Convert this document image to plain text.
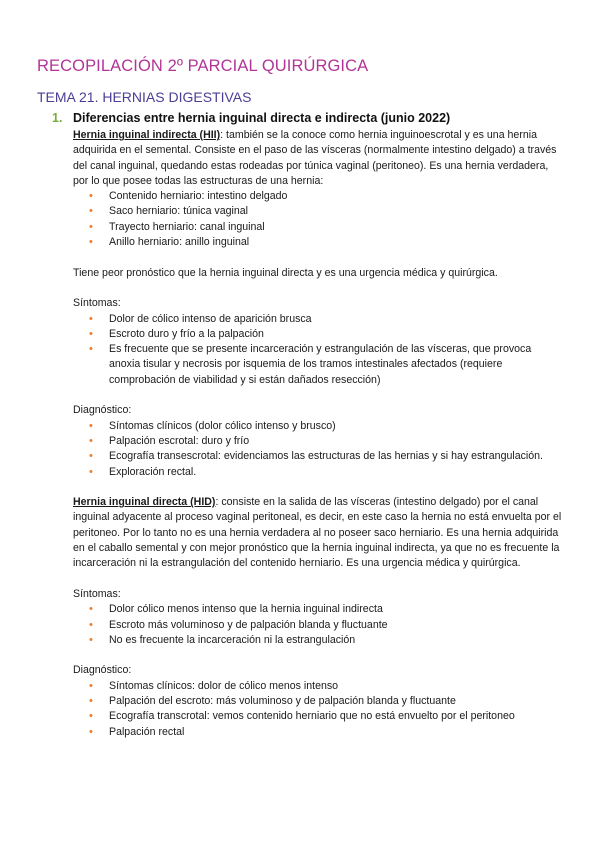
RECOPILACIÓN 2º PARCIAL QUIRÚRGICA
TEMA 21. HERNIAS DIGESTIVAS
1. Diferencias entre hernia inguinal directa e indirecta (junio 2022)

Hernia inguinal indirecta (HII): también se la conoce como hernia inguinoescrotal y es una hernia adquirida en el semental. Consiste en el paso de las vísceras (normalmente intestino delgado) a través del canal inguinal, quedando estas rodeadas por túnica vaginal (peritoneo). Es una hernia verdadera, por lo que posee todas las estructuras de una hernia:

• Contenido herniario: intestino delgado
• Saco herniario: túnica vaginal
• Trayecto herniario: canal inguinal
• Anillo herniario: anillo inguinal

Tiene peor pronóstico que la hernia inguinal directa y es una urgencia médica y quirúrgica.

Síntomas:

• Dolor de cólico intenso de aparición brusca
• Escroto duro y frío a la palpación
• Es frecuente que se presente incarceración y estrangulación de las vísceras, que provoca anoxia tisular y necrosis por isquemia de los tramos intestinales afectados (requiere comprobación de viabilidad y si están dañados resección)

Diagnóstico:

• Síntomas clínicos (dolor cólico intenso y brusco)
• Palpación escrotal: duro y frío
• Ecografía transescrotal: evidenciamos las estructuras de las hernias y si hay estrangulación.
• Exploración rectal.

Hernia inguinal directa (HID): consiste en la salida de las vísceras (intestino delgado) por el canal inguinal adyacente al proceso vaginal peritoneal, es decir, en este caso la hernia no está envuelta por el peritoneo. Por lo tanto no es una hernia verdadera al no poseer saco herniario. Es una hernia adquirida en el caballo semental y con mejor pronóstico que la hernia inguinal indirecta, ya que no es frecuente la incarceración ni la estrangulación del contenido herniario. Es una urgencia médica y quirúrgica.

Síntomas:

• Dolor cólico menos intenso que la hernia inguinal indirecta
• Escroto más voluminoso y de palpación blanda y fluctuante
• No es frecuente la incarceración ni la estrangulación

Diagnóstico:

• Síntomas clínicos: dolor de cólico menos intenso
• Palpación del escroto: más voluminoso y de palpación blanda y fluctuante
• Ecografía transcrotal: vemos contenido herniario que no está envuelto por el peritoneo
• Palpación rectal
